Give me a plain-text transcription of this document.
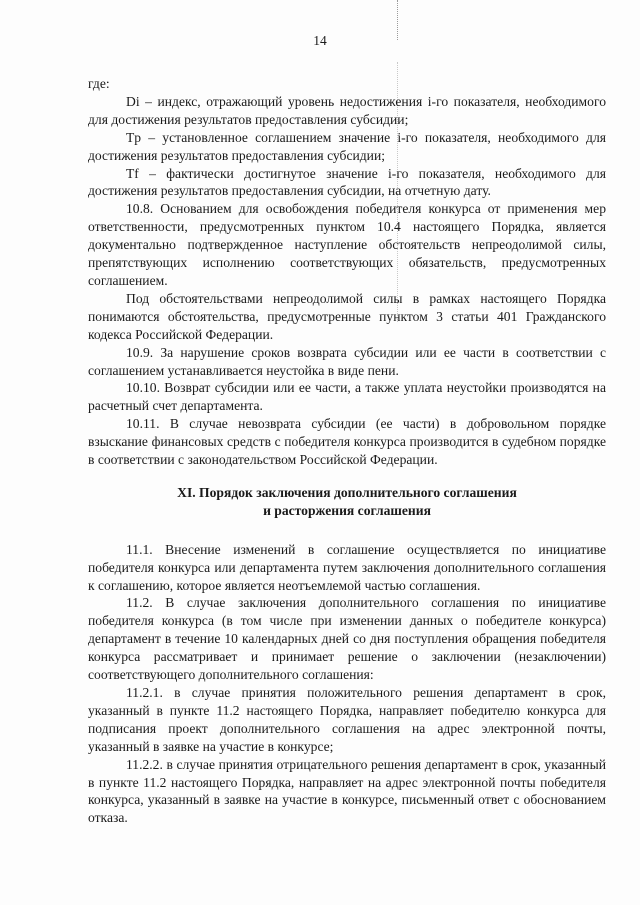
14

где:

Di – индекс, отражающий уровень недостижения i-го показателя, необходимого для достижения результатов предоставления субсидии;

Tp – установленное соглашением значение i-го показателя, необходимого для достижения результатов предоставления субсидии;

Tf – фактически достигнутое значение i-го показателя, необходимого для достижения результатов предоставления субсидии, на отчетную дату.

10.8. Основанием для освобождения победителя конкурса от применения мер ответственности, предусмотренных пунктом 10.4 настоящего Порядка, является документально подтвержденное наступление обстоятельств непреодолимой силы, препятствующих исполнению соответствующих обязательств, предусмотренных соглашением.

Под обстоятельствами непреодолимой силы в рамках настоящего Порядка понимаются обстоятельства, предусмотренные пунктом 3 статьи 401 Гражданского кодекса Российской Федерации.

10.9. За нарушение сроков возврата субсидии или ее части в соответствии с соглашением устанавливается неустойка в виде пени.

10.10. Возврат субсидии или ее части, а также уплата неустойки производятся на расчетный счет департамента.

10.11. В случае невозврата субсидии (ее части) в добровольном порядке взыскание финансовых средств с победителя конкурса производится в судебном порядке в соответствии с законодательством Российской Федерации.

XI. Порядок заключения дополнительного соглашения
и расторжения соглашения

11.1. Внесение изменений в соглашение осуществляется по инициативе победителя конкурса или департамента путем заключения дополнительного соглашения к соглашению, которое является неотъемлемой частью соглашения.

11.2. В случае заключения дополнительного соглашения по инициативе победителя конкурса (в том числе при изменении данных о победителе конкурса) департамент в течение 10 календарных дней со дня поступления обращения победителя конкурса рассматривает и принимает решение о заключении (незаключении) соответствующего дополнительного соглашения:

11.2.1. в случае принятия положительного решения департамент в срок, указанный в пункте 11.2 настоящего Порядка, направляет победителю конкурса для подписания проект дополнительного соглашения на адрес электронной почты, указанный в заявке на участие в конкурсе;

11.2.2. в случае принятия отрицательного решения департамент в срок, указанный в пункте 11.2 настоящего Порядка, направляет на адрес электронной почты победителя конкурса, указанный в заявке на участие в конкурсе, письменный ответ с обоснованием отказа.
